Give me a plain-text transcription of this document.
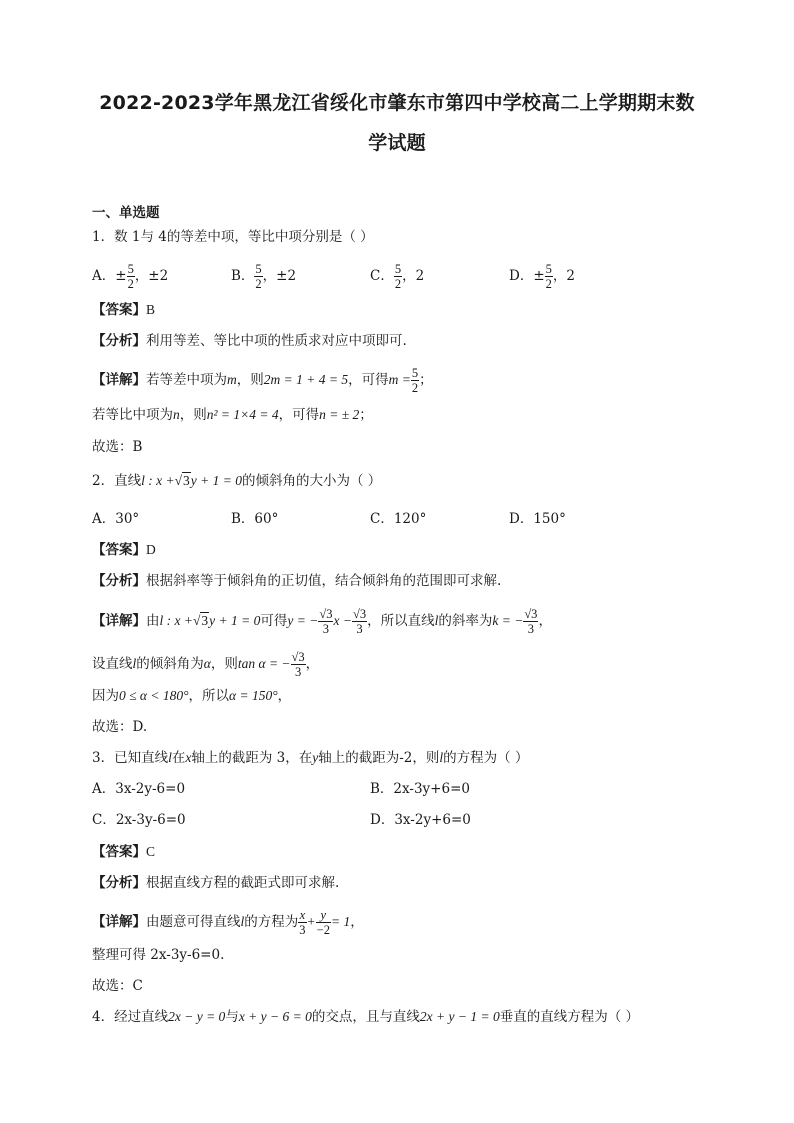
2022-2023学年黑龙江省绥化市肇东市第四中学校高二上学期期末数
学试题
一、单选题
1．数 1与 4的等差中项，等比中项分别是（ ）
A．± $\frac{5}{2}$ ，±2	B． $\frac{5}{2}$ ，±2	C． $\frac{5}{2}$ ，2	D．± $\frac{5}{2}$ ，2
【答案】B
【分析】利用等差、等比中项的性质求对应中项即可.
【详解】若等差中项为m，则2m = 1 + 4 = 5，可得$m = \frac{5}{2}$ ；
若等比中项为n，则n² = 1×4 = 4，可得n = ± 2；
故选：B
2．直线l : x +√3y + 1 = 0的倾斜角的大小为（ ）
A．30°	B．60°	C．120°	D．150°
【答案】D
【分析】根据斜率等于倾斜角的正切值，结合倾斜角的范围即可求解.
【详解】由l : x +√3y + 1 = 0可得y = − $\frac{√3}{3}$ $x - \frac{√3}{3}$ ，所以直线l的斜率为k = − $\frac{√3}{3}$ ，
设直线l的倾斜角为α，则tan α = − $\frac{√3}{3}$ ，
因为0 ≤ α < 180°，所以α = 150°，
故选：D.
3．已知直线l在x轴上的截距为 3，在y轴上的截距为-2，则l的方程为（ ）
A．3x-2y-6=0	B．2x-3y+6=0
C．2x-3y-6=0	D．3x-2y+6=0
【答案】C
【分析】根据直线方程的截距式即可求解.
【详解】由题意可得直线l的方程为 $\frac{x}{3} + \frac{y}{-2} = 1$，
整理可得 2x-3y-6=0.
故选：C
4．经过直线2x − y = 0与x + y − 6 = 0的交点，且与直线2x + y − 1 = 0垂直的直线方程为（ ）
